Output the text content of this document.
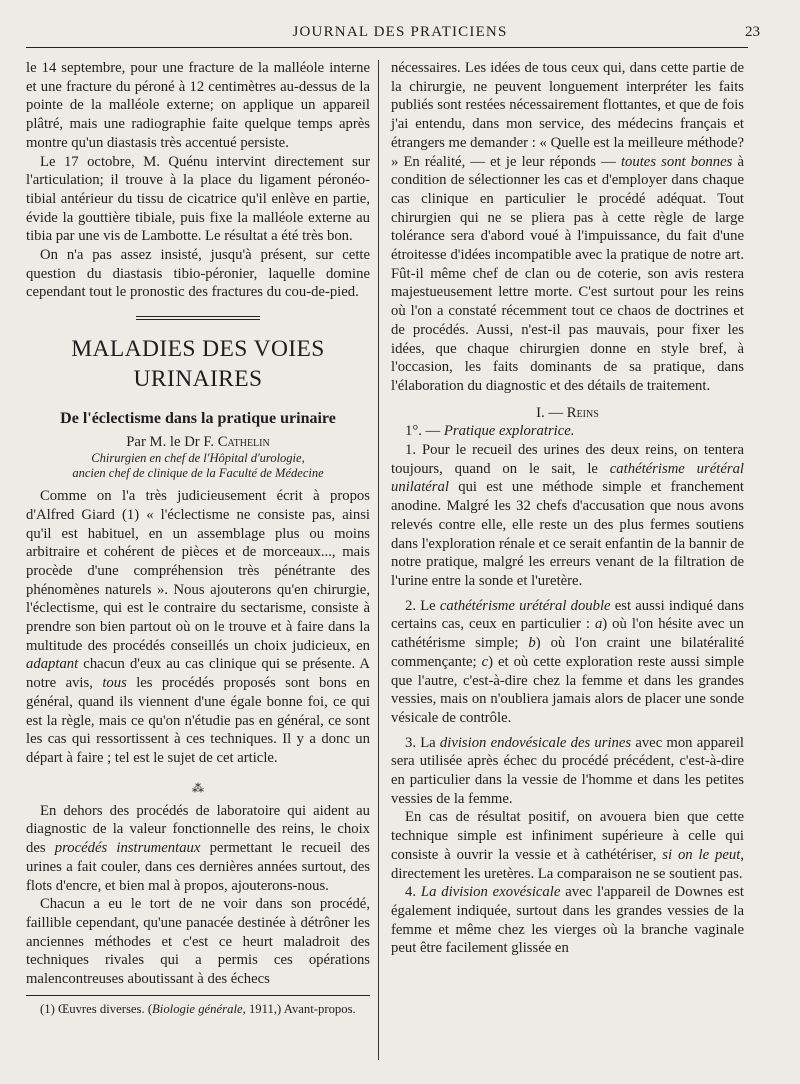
JOURNAL DES PRATICIENS	23

le 14 septembre, pour une fracture de la malléole interne et une fracture du péroné à 12 centimètres au-dessus de la pointe de la malléole externe; on applique un appareil plâtré, mais une radiographie faite quelque temps après montre qu'un diastasis très accentué persiste.

Le 17 octobre, M. Quénu intervint directement sur l'articulation; il trouve à la place du ligament péronéo-tibial antérieur du tissu de cicatrice qu'il enlève en partie, évide la gouttière tibiale, puis fixe la malléole externe au tibia par une vis de Lambotte. Le résultat a été très bon.

On n'a pas assez insisté, jusqu'à présent, sur cette question du diastasis tibio-péronier, laquelle domine cependant tout le pronostic des fractures du cou-de-pied.

MALADIES DES VOIES URINAIRES
De l'éclectisme dans la pratique urinaire
Par M. le Dr F. Cathelin
Chirurgien en chef de l'Hôpital d'urologie,
ancien chef de clinique de la Faculté de Médecine

Comme on l'a très judicieusement écrit à propos d'Alfred Giard (1) « l'éclectisme ne consiste pas, ainsi qu'il est habituel, en un assemblage plus ou moins arbitraire et cohérent de pièces et de morceaux..., mais procède d'une compréhension très pénétrante des phénomènes naturels ». Nous ajouterons qu'en chirurgie, l'éclectisme, qui est le contraire du sectarisme, consiste à prendre son bien partout où on le trouve et à faire dans la multitude des procédés conseillés un choix judicieux, en adaptant chacun d'eux au cas clinique qui se présente. A notre avis, tous les procédés proposés sont bons en général, quand ils viennent d'une égale bonne foi, ce qui est la règle, mais ce qu'on n'étudie pas en général, ce sont les cas qui ressortissent à ces techniques. Il y a donc un départ à faire ; tel est le sujet de cet article.

⁂

En dehors des procédés de laboratoire qui aident au diagnostic de la valeur fonctionnelle des reins, le choix des procédés instrumentaux permettant le recueil des urines a fait couler, dans ces dernières années surtout, des flots d'encre, et bien mal à propos, ajouterons-nous.

Chacun a eu le tort de ne voir dans son procédé, faillible cependant, qu'une panacée destinée à détrôner les anciennes méthodes et c'est ce heurt maladroit des techniques rivales qui a permis ces opérations malencontreuses aboutissant à des échecs

(1) Œuvres diverses. (Biologie générale, 1911,) Avant-propos.

nécessaires. Les idées de tous ceux qui, dans cette partie de la chirurgie, ne peuvent longuement interpréter les faits publiés sont restées nécessairement flottantes, et que de fois j'ai entendu, dans mon service, des médecins français et étrangers me demander : « Quelle est la meilleure méthode? » En réalité, — et je leur réponds — toutes sont bonnes à condition de sélectionner les cas et d'employer dans chaque cas clinique en particulier le procédé adéquat. Tout chirurgien qui ne se pliera pas à cette règle de large tolérance sera d'abord voué à l'impuissance, du fait d'une étroitesse d'idées incompatible avec la pratique de notre art. Fût-il même chef de clan ou de coterie, son avis restera majestueusement lettre morte. C'est surtout pour les reins où l'on a constaté récemment tout ce chaos de doctrines et de procédés. Aussi, n'est-il pas mauvais, pour fixer les idées, que chaque chirurgien donne en style bref, à l'occasion, les faits dominants de sa pratique, dans l'élaboration du diagnostic et des détails de traitement.

I. — Reins

1°. — Pratique exploratrice.

1. Pour le recueil des urines des deux reins, on tentera toujours, quand on le sait, le cathétérisme urétéral unilatéral qui est une méthode simple et franchement anodine. Malgré les 32 chefs d'accusation que nous avons relevés contre elle, elle reste un des plus fermes soutiens dans l'exploration rénale et ce serait enfantin de la bannir de notre pratique, malgré les erreurs venant de la filtration de l'urine entre la sonde et l'uretère.

2. Le cathétérisme urétéral double est aussi indiqué dans certains cas, ceux en particulier : a) où l'on hésite avec un cathétérisme simple; b) où l'on craint une bilatéralité commençante; c) et où cette exploration reste aussi simple que l'autre, c'est-à-dire chez la femme et dans les grandes vessies, mais on n'oubliera jamais alors de placer une sonde vésicale de contrôle.

3. La division endovésicale des urines avec mon appareil sera utilisée après échec du procédé précédent, c'est-à-dire en particulier dans la vessie de l'homme et dans les petites vessies de la femme.

En cas de résultat positif, on avouera bien que cette technique simple est infiniment supérieure à celle qui consiste à ouvrir la vessie et à cathétériser, si on le peut, directement les uretères. La comparaison ne se soutient pas.

4. La division exovésicale avec l'appareil de Downes est également indiquée, surtout dans les grandes vessies de la femme et même chez les vierges où la branche vaginale peut être facilement glissée en
